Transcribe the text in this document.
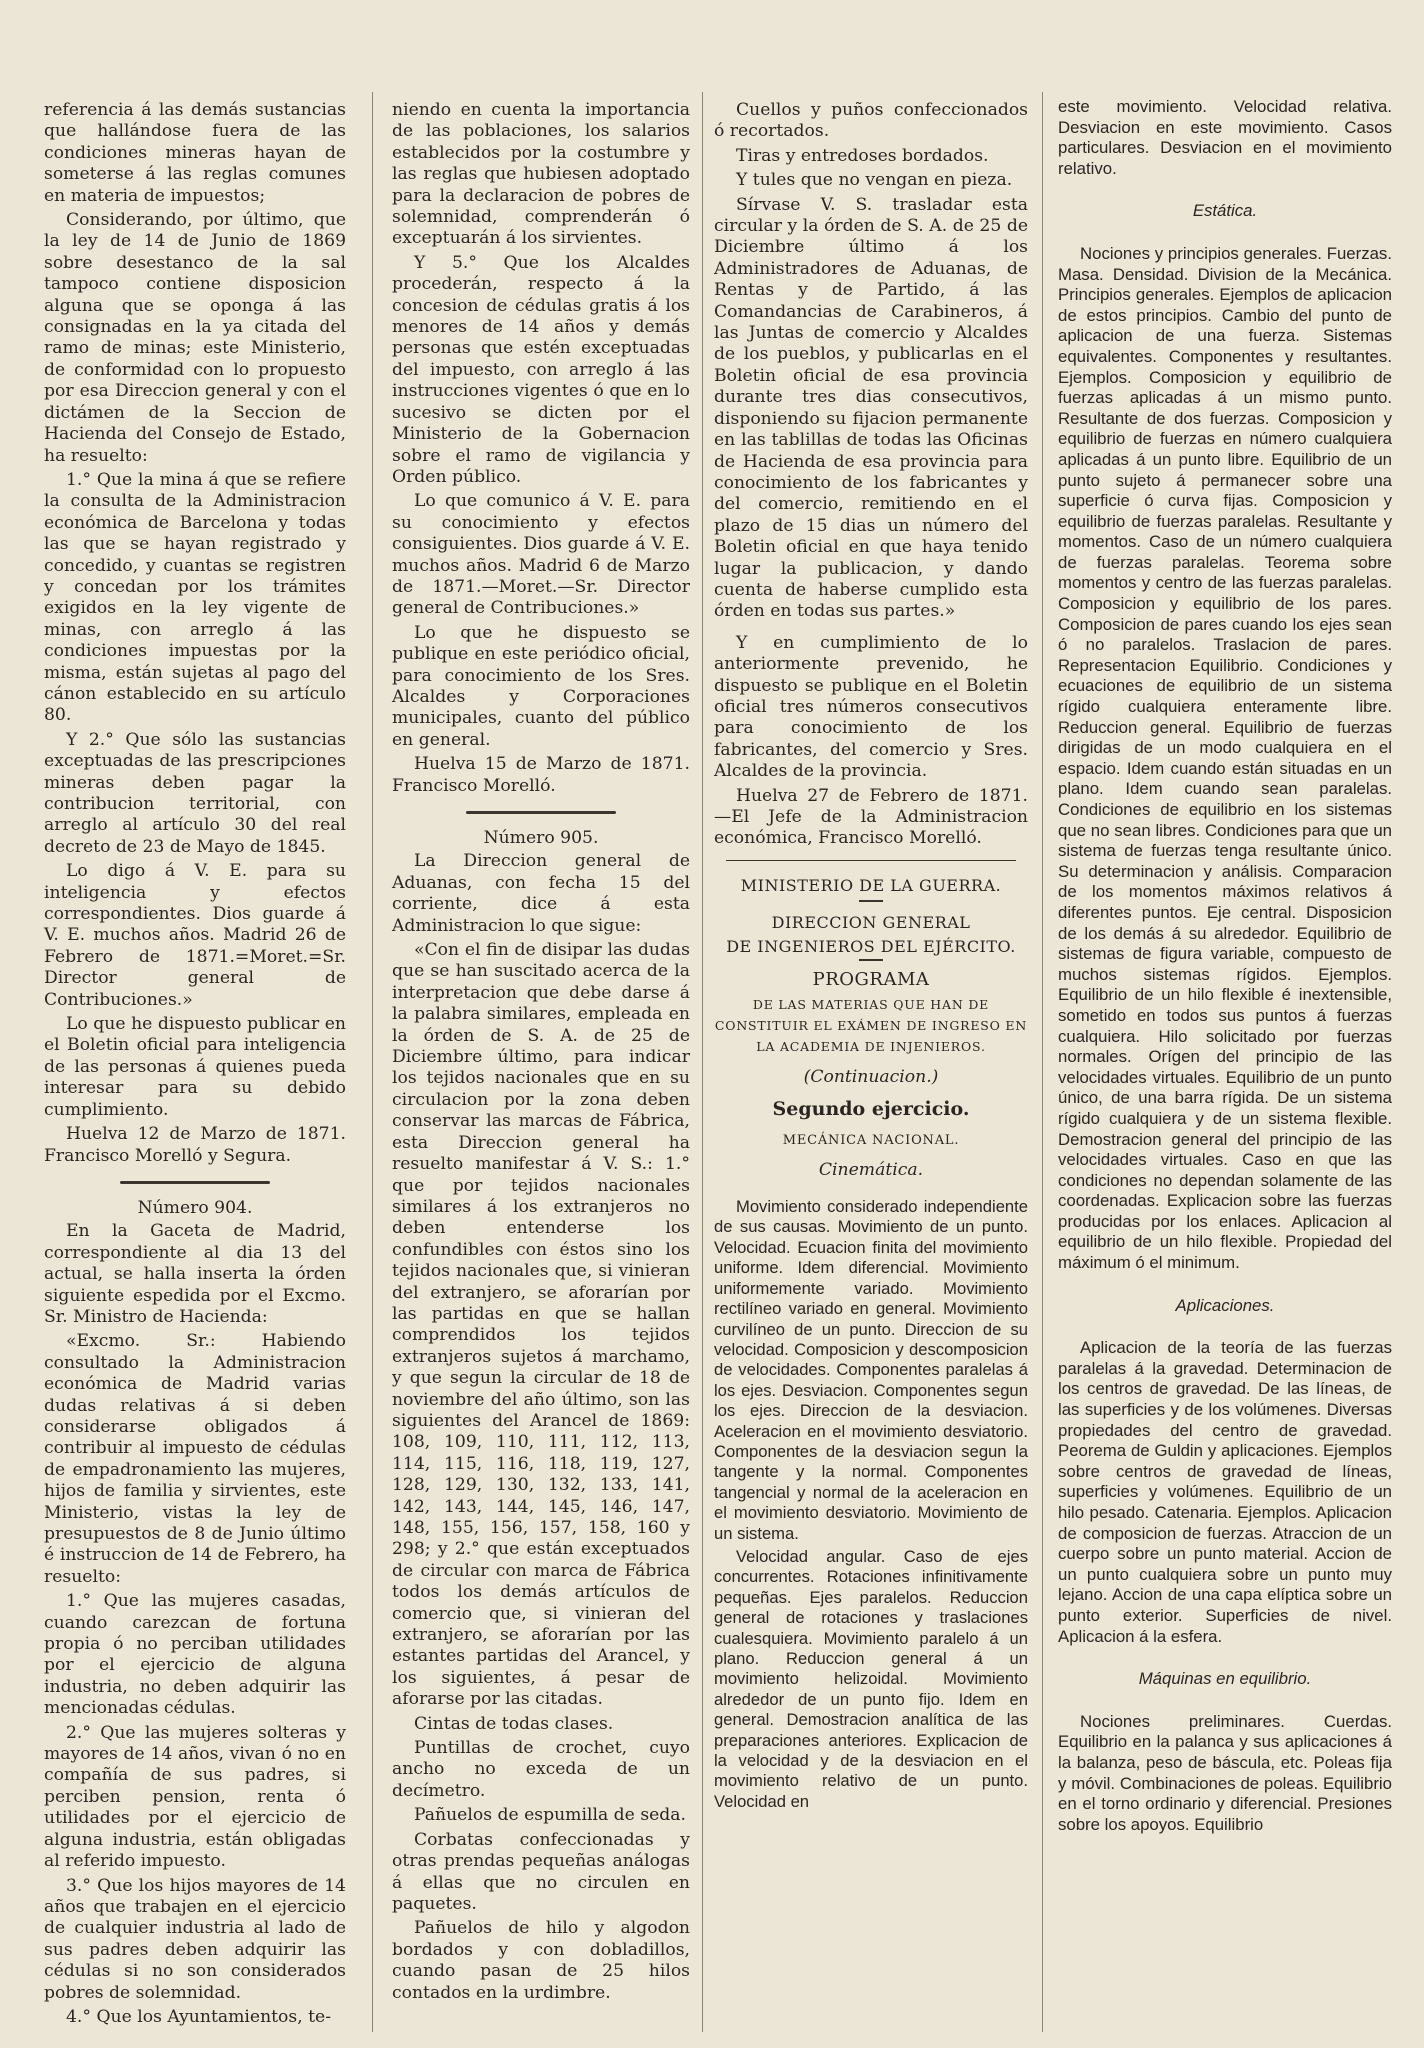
referencia á las demás sustancias que hallándose fuera de las condiciones mineras hayan de someterse á las reglas comunes en materia de impuestos;

Considerando, por último, que la ley de 14 de Junio de 1869 sobre desestanco de la sal tampoco contiene disposicion alguna que se oponga á las consignadas en la ya citada del ramo de minas; este Ministerio, de conformidad con lo propuesto por esa Direccion general y con el dictámen de la Seccion de Hacienda del Consejo de Estado, ha resuelto:

1.° Que la mina á que se refiere la consulta de la Administracion económica de Barcelona y todas las que se hayan registrado y concedido, y cuantas se registren y concedan por los trámites exigidos en la ley vigente de minas, con arreglo á las condiciones impuestas por la misma, están sujetas al pago del cánon establecido en su artículo 80.

Y 2.° Que sólo las sustancias exceptuadas de las prescripciones mineras deben pagar la contribucion territorial, con arreglo al artículo 30 del real decreto de 23 de Mayo de 1845.

Lo digo á V. E. para su inteligencia y efectos correspondientes. Dios guarde á V. E. muchos años. Madrid 26 de Febrero de 1871.=Moret.=Sr. Director general de Contribuciones.»

Lo que he dispuesto publicar en el Boletin oficial para inteligencia de las personas á quienes pueda interesar para su debido cumplimiento.

Huelva 12 de Marzo de 1871. Francisco Morelló y Segura.

Número 904.

En la Gaceta de Madrid, correspondiente al dia 13 del actual, se halla inserta la órden siguiente espedida por el Excmo. Sr. Ministro de Hacienda:

«Excmo. Sr.: Habiendo consultado la Administracion económica de Madrid varias dudas relativas á si deben considerarse obligados á contribuir al impuesto de cédulas de empadronamiento las mujeres, hijos de familia y sirvientes, este Ministerio, vistas la ley de presupuestos de 8 de Junio último é instruccion de 14 de Febrero, ha resuelto:

1.° Que las mujeres casadas, cuando carezcan de fortuna propia ó no perciban utilidades por el ejercicio de alguna industria, no deben adquirir las mencionadas cédulas.

2.° Que las mujeres solteras y mayores de 14 años, vivan ó no en compañía de sus padres, si perciben pension, renta ó utilidades por el ejercicio de alguna industria, están obligadas al referido impuesto.

3.° Que los hijos mayores de 14 años que trabajen en el ejercicio de cualquier industria al lado de sus padres deben adquirir las cédulas si no son considerados pobres de solemnidad.

4.° Que los Ayuntamientos, te-

niendo en cuenta la importancia de las poblaciones, los salarios establecidos por la costumbre y las reglas que hubiesen adoptado para la declaracion de pobres de solemnidad, comprenderán ó exceptuarán á los sirvientes.

Y 5.° Que los Alcaldes procederán, respecto á la concesion de cédulas gratis á los menores de 14 años y demás personas que estén exceptuadas del impuesto, con arreglo á las instrucciones vigentes ó que en lo sucesivo se dicten por el Ministerio de la Gobernacion sobre el ramo de vigilancia y Orden público.

Lo que comunico á V. E. para su conocimiento y efectos consiguientes. Dios guarde á V. E. muchos años. Madrid 6 de Marzo de 1871.—Moret.—Sr. Director general de Contribuciones.»

Lo que he dispuesto se publique en este periódico oficial, para conocimiento de los Sres. Alcaldes y Corporaciones municipales, cuanto del público en general.

Huelva 15 de Marzo de 1871. Francisco Morelló.

Número 905.

La Direccion general de Aduanas, con fecha 15 del corriente, dice á esta Administracion lo que sigue:

«Con el fin de disipar las dudas que se han suscitado acerca de la interpretacion que debe darse á la palabra similares, empleada en la órden de S. A. de 25 de Diciembre último, para indicar los tejidos nacionales que en su circulacion por la zona deben conservar las marcas de Fábrica, esta Direccion general ha resuelto manifestar á V. S.: 1.° que por tejidos nacionales similares á los extranjeros no deben entenderse los confundibles con éstos sino los tejidos nacionales que, si vinieran del extranjero, se aforarían por las partidas en que se hallan comprendidos los tejidos extranjeros sujetos á marchamo, y que segun la circular de 18 de noviembre del año último, son las siguientes del Arancel de 1869: 108, 109, 110, 111, 112, 113, 114, 115, 116, 118, 119, 127, 128, 129, 130, 132, 133, 141, 142, 143, 144, 145, 146, 147, 148, 155, 156, 157, 158, 160 y 298; y 2.° que están exceptuados de circular con marca de Fábrica todos los demás artículos de comercio que, si vinieran del extranjero, se aforarían por las estantes partidas del Arancel, y los siguientes, á pesar de aforarse por las citadas.

Cintas de todas clases.

Puntillas de crochet, cuyo ancho no exceda de un decímetro.

Pañuelos de espumilla de seda.

Corbatas confeccionadas y otras prendas pequeñas análogas á ellas que no circulen en paquetes.

Pañuelos de hilo y algodon bordados y con dobladillos, cuando pasan de 25 hilos contados en la urdimbre.

Cuellos y puños confeccionados ó recortados.

Tiras y entredoses bordados.

Y tules que no vengan en pieza.

Sírvase V. S. trasladar esta circular y la órden de S. A. de 25 de Diciembre último á los Administradores de Aduanas, de Rentas y de Partido, á las Comandancias de Carabineros, á las Juntas de comercio y Alcaldes de los pueblos, y publicarlas en el Boletin oficial de esa provincia durante tres dias consecutivos, disponiendo su fijacion permanente en las tablillas de todas las Oficinas de Hacienda de esa provincia para conocimiento de los fabricantes y del comercio, remitiendo en el plazo de 15 dias un número del Boletin oficial en que haya tenido lugar la publicacion, y dando cuenta de haberse cumplido esta órden en todas sus partes.»

Y en cumplimiento de lo anteriormente prevenido, he dispuesto se publique en el Boletin oficial tres números consecutivos para conocimiento de los fabricantes, del comercio y Sres. Alcaldes de la provincia.

Huelva 27 de Febrero de 1871. —El Jefe de la Administracion económica, Francisco Morelló.

MINISTERIO DE LA GUERRA.

DIRECCION GENERAL

DE INGENIEROS DEL EJÉRCITO.

PROGRAMA

DE LAS MATERIAS QUE HAN DE CONSTITUIR EL EXÁMEN DE INGRESO EN LA ACADEMIA DE INJENIEROS.

(Continuacion.)

Segundo ejercicio.

MECÁNICA NACIONAL.

Cinemática.

Movimiento considerado independiente de sus causas. Movimiento de un punto. Velocidad. Ecuacion finita del movimiento uniforme. Idem diferencial. Movimiento uniformemente variado. Movimiento rectilíneo variado en general. Movimiento curvilíneo de un punto. Direccion de su velocidad. Composicion y descomposicion de velocidades. Componentes paralelas á los ejes. Desviacion. Componentes segun los ejes. Direccion de la desviacion. Aceleracion en el movimiento desviatorio. Componentes de la desviacion segun la tangente y la normal. Componentes tangencial y normal de la aceleracion en el movimiento desviatorio. Movimiento de un sistema.

Velocidad angular. Caso de ejes concurrentes. Rotaciones infinitivamente pequeñas. Ejes paralelos. Reduccion general de rotaciones y traslaciones cualesquiera. Movimiento paralelo á un plano. Reduccion general á un movimiento helizoidal. Movimiento alrededor de un punto fijo. Idem en general. Demostracion analítica de las preparaciones anteriores. Explicacion de la velocidad y de la desviacion en el movimiento relativo de un punto. Velocidad en

este movimiento. Velocidad relativa. Desviacion en este movimiento. Casos particulares. Desviacion en el movimiento relativo.

Estática.

Nociones y principios generales. Fuerzas. Masa. Densidad. Division de la Mecánica. Principios generales. Ejemplos de aplicacion de estos principios. Cambio del punto de aplicacion de una fuerza. Sistemas equivalentes. Componentes y resultantes. Ejemplos. Composicion y equilibrio de fuerzas aplicadas á un mismo punto. Resultante de dos fuerzas. Composicion y equilibrio de fuerzas en número cualquiera aplicadas á un punto libre. Equilibrio de un punto sujeto á permanecer sobre una superficie ó curva fijas. Composicion y equilibrio de fuerzas paralelas. Resultante y momentos. Caso de un número cualquiera de fuerzas paralelas. Teorema sobre momentos y centro de las fuerzas paralelas. Composicion y equilibrio de los pares. Composicion de pares cuando los ejes sean ó no paralelos. Traslacion de pares. Representacion Equilibrio. Condiciones y ecuaciones de equilibrio de un sistema rígido cualquiera enteramente libre. Reduccion general. Equilibrio de fuerzas dirigidas de un modo cualquiera en el espacio. Idem cuando están situadas en un plano. Idem cuando sean paralelas. Condiciones de equilibrio en los sistemas que no sean libres. Condiciones para que un sistema de fuerzas tenga resultante único. Su determinacion y análisis. Comparacion de los momentos máximos relativos á diferentes puntos. Eje central. Disposicion de los demás á su alrededor. Equilibrio de sistemas de figura variable, compuesto de muchos sistemas rígidos. Ejemplos. Equilibrio de un hilo flexible é inextensible, sometido en todos sus puntos á fuerzas cualquiera. Hilo solicitado por fuerzas normales. Orígen del principio de las velocidades virtuales. Equilibrio de un punto único, de una barra rígida. De un sistema rígido cualquiera y de un sistema flexible. Demostracion general del principio de las velocidades virtuales. Caso en que las condiciones no dependan solamente de las coordenadas. Explicacion sobre las fuerzas producidas por los enlaces. Aplicacion al equilibrio de un hilo flexible. Propiedad del máximum ó el minimum.

Aplicaciones.

Aplicacion de la teoría de las fuerzas paralelas á la gravedad. Determinacion de los centros de gravedad. De las líneas, de las superficies y de los volúmenes. Diversas propiedades del centro de gravedad. Peorema de Guldin y aplicaciones. Ejemplos sobre centros de gravedad de líneas, superficies y volúmenes. Equilibrio de un hilo pesado. Catenaria. Ejemplos. Aplicacion de composicion de fuerzas. Atraccion de un cuerpo sobre un punto material. Accion de un punto cualquiera sobre un punto muy lejano. Accion de una capa elíptica sobre un punto exterior. Superficies de nivel. Aplicacion á la esfera.

Máquinas en equilibrio.

Nociones preliminares. Cuerdas. Equilibrio en la palanca y sus aplicaciones á la balanza, peso de báscula, etc. Poleas fija y móvil. Combinaciones de poleas. Equilibrio en el torno ordinario y diferencial. Presiones sobre los apoyos. Equilibrio
